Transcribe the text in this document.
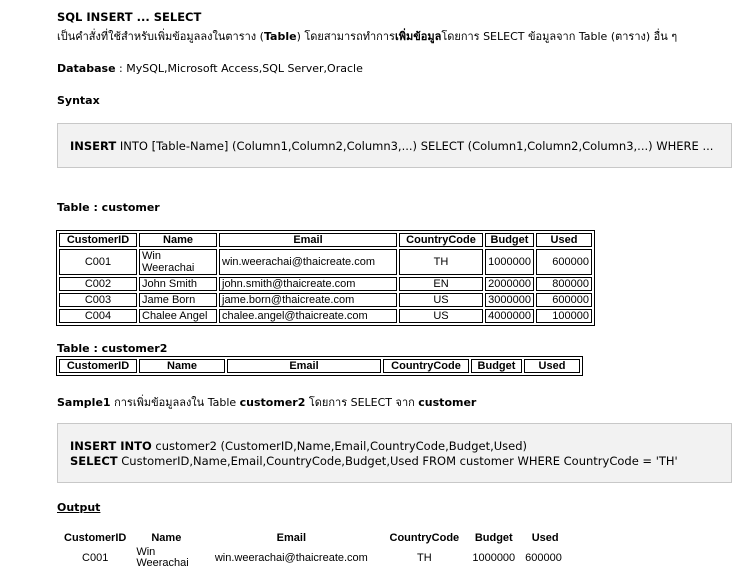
SQL INSERT ... SELECT
เป็นคำสั่งที่ใช้สำหรับเพิ่มข้อมูลลงในตาราง (Table) โดยสามารถทำการเพิ่มข้อมูลโดยการ SELECT ข้อมูลจาก Table (ตาราง) อื่น ๆ
Database : MySQL,Microsoft Access,SQL Server,Oracle
Syntax
INSERT INTO [Table-Name] (Column1,Column2,Column3,...) SELECT (Column1,Column2,Column3,...) WHERE ...
Table : customer
CustomerID	Name	Email	CountryCode	Budget	Used
C001	Win Weerachai	win.weerachai@thaicreate.com	TH	1000000	600000
C002	John Smith	john.smith@thaicreate.com	EN	2000000	800000
C003	Jame Born	jame.born@thaicreate.com	US	3000000	600000
C004	Chalee Angel	chalee.angel@thaicreate.com	US	4000000	100000
Table : customer2
CustomerID	Name	Email	CountryCode	Budget	Used
Sample1 การเพิ่มข้อมูลลงใน Table customer2 โดยการ SELECT จาก customer
INSERT INTO customer2 (CustomerID,Name,Email,CountryCode,Budget,Used)
SELECT CustomerID,Name,Email,CountryCode,Budget,Used FROM customer WHERE CountryCode = 'TH'
Output
CustomerID	Name	Email	CountryCode	Budget	Used
C001	Win Weerachai	win.weerachai@thaicreate.com	TH	1000000	600000
